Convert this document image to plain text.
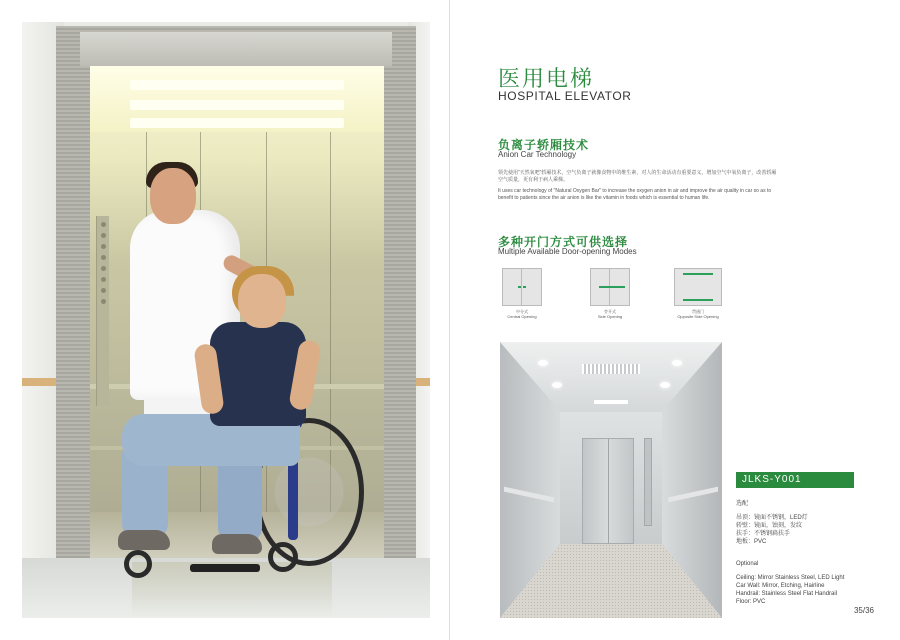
医用电梯
HOSPITAL ELEVATOR
负离子轿厢技术
Anion Car Technology
领先使用“天然氧吧”轿厢技术，空气负离子就像食物中的维生素，对人的生命活动有重要意义，增加空气中氧负离子，改善轿厢空气质量，更有利于病人乘梯。
It uses car technology of "Natural Oxygen Bar" to increase the oxygen anion in air and improve the air quality in car so as to benefit to patients since the air anion is like the vitamin in foods which is essential to human life.
多种开门方式可供选择
Multiple Available Door-opening Modes
中分式
Central Opening
旁开式
Side Opening
贯通门
Opposite Side Opening
JLKS-Y001
选配
吊顶：镜面不锈钢，LED灯
轿壁：镜面，蚀刻，发纹
扶手：不锈钢扁扶手
地板：PVC
Optional
Ceiling: Mirror Stainless Steel, LED Light
Car Wall: Mirror, Etching, Hairline
Handrail: Stainless Steel Flat Handrail
Floor: PVC
35/36
